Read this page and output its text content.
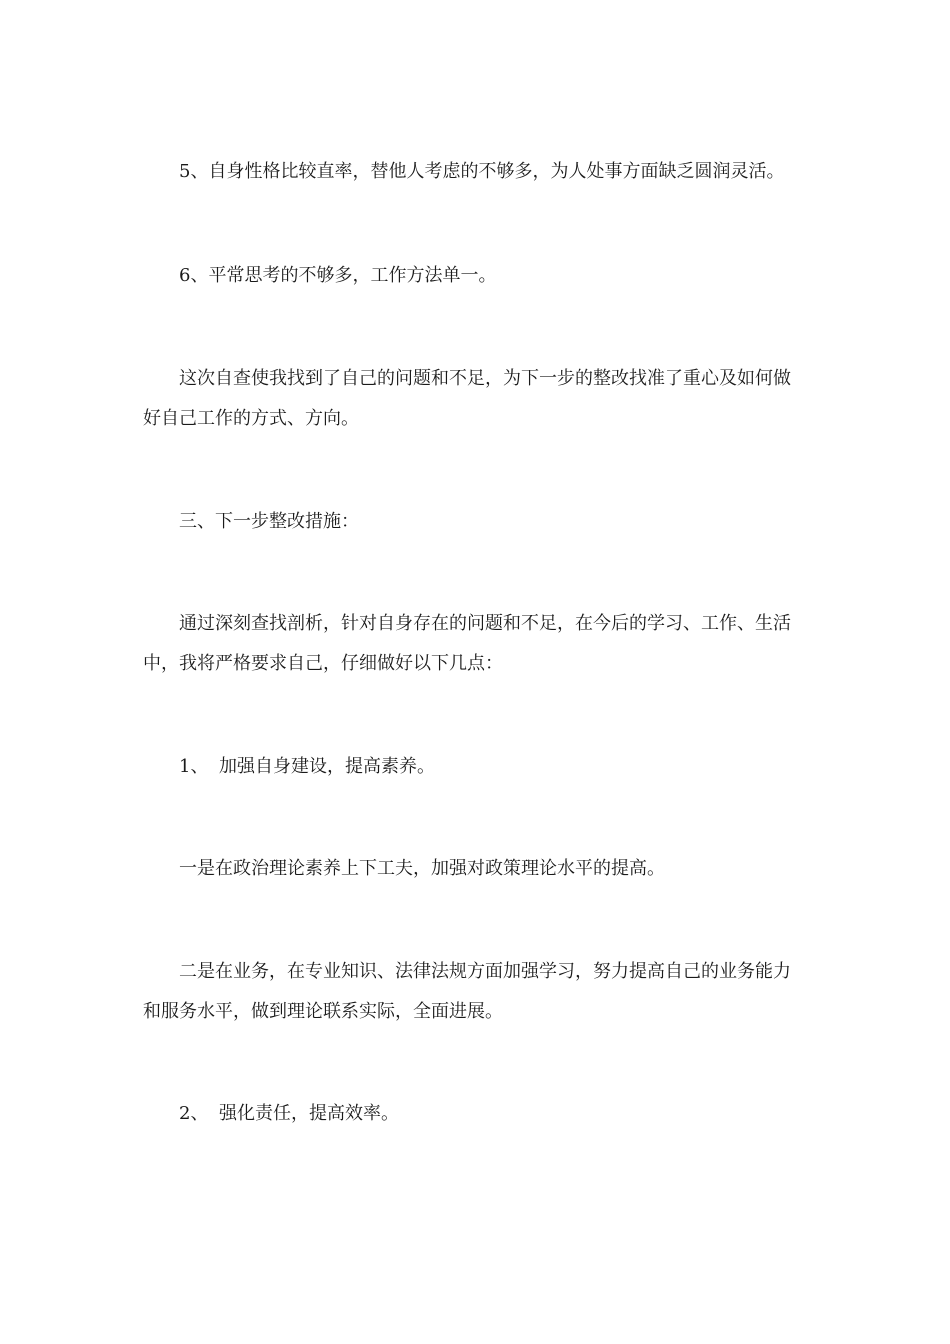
5、自身性格比较直率，替他人考虑的不够多，为人处事方面缺乏圆润灵活。

6、平常思考的不够多，工作方法单一。

这次自查使我找到了自己的问题和不足，为下一步的整改找准了重心及如何做好自己工作的方式、方向。

三、下一步整改措施：

通过深刻查找剖析，针对自身存在的问题和不足，在今后的学习、工作、生活中，我将严格要求自己，仔细做好以下几点：

1、 加强自身建设，提高素养。

一是在政治理论素养上下工夫，加强对政策理论水平的提高。

二是在业务，在专业知识、法律法规方面加强学习，努力提高自己的业务能力和服务水平，做到理论联系实际，全面进展。

2、 强化责任，提高效率。
